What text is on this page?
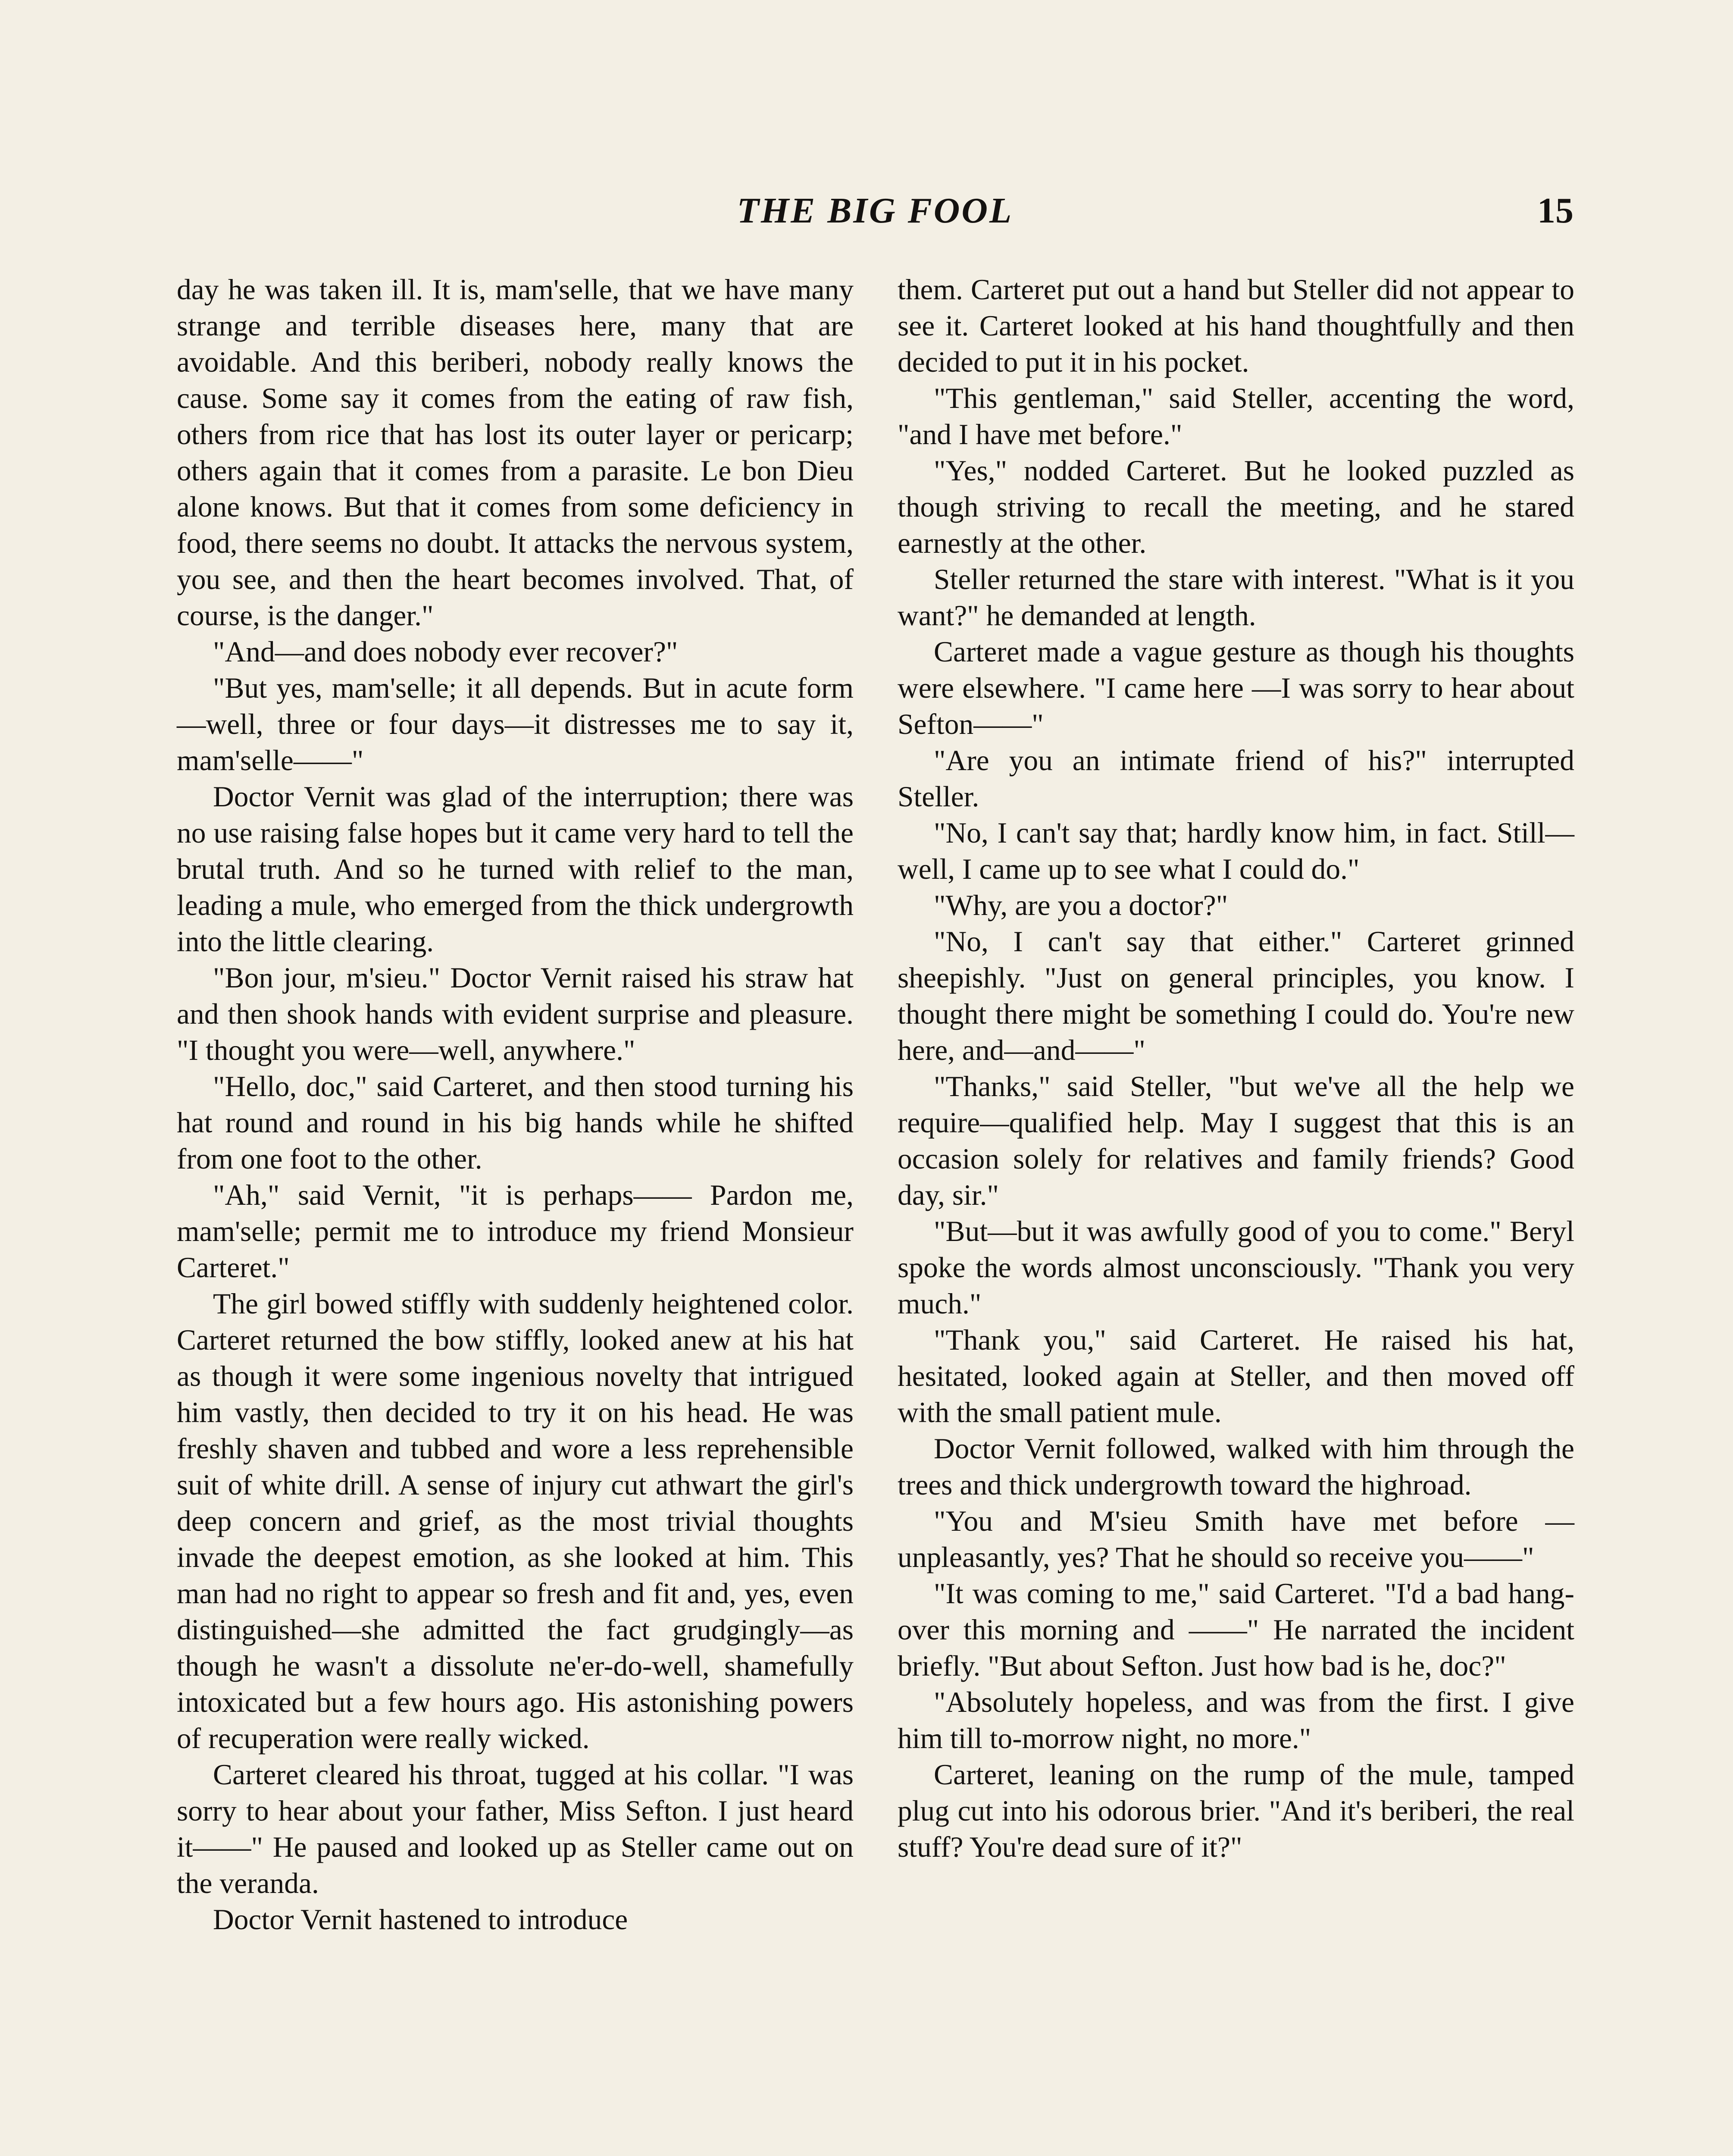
THE BIG FOOL	15

day he was taken ill. It is, mam'selle, that we have many strange and terrible diseases here, many that are avoidable. And this beriberi, nobody really knows the cause. Some say it comes from the eating of raw fish, others from rice that has lost its outer layer or pericarp; others again that it comes from a parasite. Le bon Dieu alone knows. But that it comes from some deficiency in food, there seems no doubt. It attacks the nervous system, you see, and then the heart becomes involved. That, of course, is the danger."

"And—and does nobody ever recover?"

"But yes, mam'selle; it all depends. But in acute form—well, three or four days—it distresses me to say it, mam'selle——"

Doctor Vernit was glad of the interruption; there was no use raising false hopes but it came very hard to tell the brutal truth. And so he turned with relief to the man, leading a mule, who emerged from the thick undergrowth into the little clearing.

"Bon jour, m'sieu." Doctor Vernit raised his straw hat and then shook hands with evident surprise and pleasure. "I thought you were—well, anywhere."

"Hello, doc," said Carteret, and then stood turning his hat round and round in his big hands while he shifted from one foot to the other.

"Ah," said Vernit, "it is perhaps—— Pardon me, mam'selle; permit me to introduce my friend Monsieur Carteret."

The girl bowed stiffly with suddenly heightened color. Carteret returned the bow stiffly, looked anew at his hat as though it were some ingenious novelty that intrigued him vastly, then decided to try it on his head. He was freshly shaven and tubbed and wore a less reprehensible suit of white drill. A sense of injury cut athwart the girl's deep concern and grief, as the most trivial thoughts invade the deepest emotion, as she looked at him. This man had no right to appear so fresh and fit and, yes, even distinguished—she admitted the fact grudgingly—as though he wasn't a dissolute ne'er-do-well, shamefully intoxicated but a few hours ago. His astonishing powers of recuperation were really wicked.

Carteret cleared his throat, tugged at his collar. "I was sorry to hear about your father, Miss Sefton. I just heard it——" He paused and looked up as Steller came out on the veranda.

Doctor Vernit hastened to introduce

them. Carteret put out a hand but Steller did not appear to see it. Carteret looked at his hand thoughtfully and then decided to put it in his pocket.

"This gentleman," said Steller, accenting the word, "and I have met before."

"Yes," nodded Carteret. But he looked puzzled as though striving to recall the meeting, and he stared earnestly at the other.

Steller returned the stare with interest. "What is it you want?" he demanded at length.

Carteret made a vague gesture as though his thoughts were elsewhere. "I came here —I was sorry to hear about Sefton——"

"Are you an intimate friend of his?" interrupted Steller.

"No, I can't say that; hardly know him, in fact. Still—well, I came up to see what I could do."

"Why, are you a doctor?"

"No, I can't say that either." Carteret grinned sheepishly. "Just on general principles, you know. I thought there might be something I could do. You're new here, and—and——"

"Thanks," said Steller, "but we've all the help we require—qualified help. May I suggest that this is an occasion solely for relatives and family friends? Good day, sir."

"But—but it was awfully good of you to come." Beryl spoke the words almost unconsciously. "Thank you very much."

"Thank you," said Carteret. He raised his hat, hesitated, looked again at Steller, and then moved off with the small patient mule.

Doctor Vernit followed, walked with him through the trees and thick undergrowth toward the highroad.

"You and M'sieu Smith have met before —unpleasantly, yes? That he should so receive you——"

"It was coming to me," said Carteret. "I'd a bad hang-over this morning and ——" He narrated the incident briefly. "But about Sefton. Just how bad is he, doc?"

"Absolutely hopeless, and was from the first. I give him till to-morrow night, no more."

Carteret, leaning on the rump of the mule, tamped plug cut into his odorous brier. "And it's beriberi, the real stuff? You're dead sure of it?"
